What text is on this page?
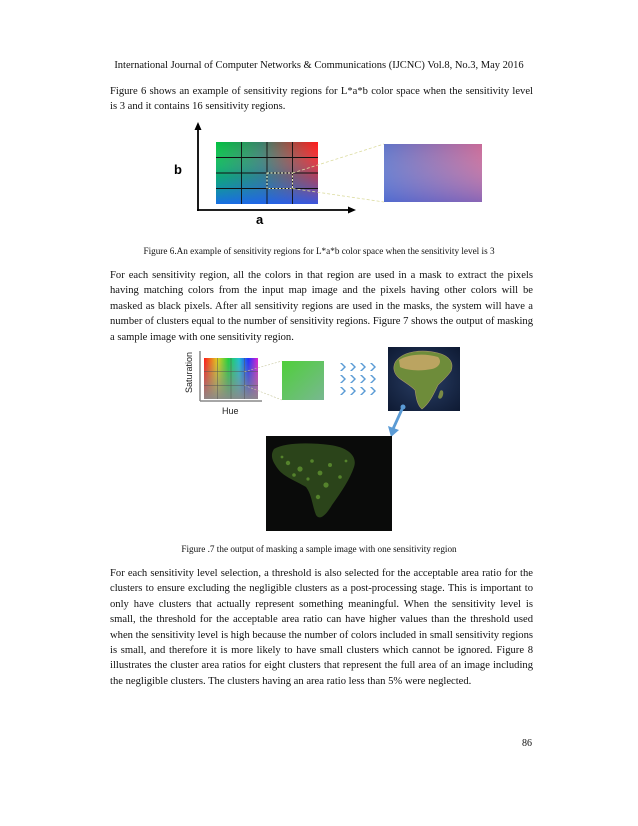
International Journal of Computer Networks & Communications (IJCNC) Vol.8, No.3, May 2016

Figure 6 shows an example of sensitivity regions for L*a*b color space when the sensitivity level is 3 and it contains 16 sensitivity regions.

b
a
Figure 6.An example of sensitivity regions for L*a*b color space when the sensitivity level is 3

For each sensitivity region, all the colors in that region are used in a mask to extract the pixels having matching colors from the input map image and the pixels having other colors will be masked as black pixels. After all sensitivity regions are used in the masks, the system will have a number of clusters equal to the number of sensitivity regions. Figure 7 shows the output of masking a sample image with one sensitivity region.

Saturation
Hue
Figure .7 the output of masking a sample image with one sensitivity region

For each sensitivity level selection, a threshold is also selected for the acceptable area ratio for the clusters to ensure excluding the negligible clusters as a post-processing stage. This is important to only have clusters that actually represent something meaningful. When the sensitivity level is small, the threshold for the acceptable area ratio can have higher values than the threshold used when the sensitivity level is high because the number of colors included in small sensitivity regions is small, and therefore it is more likely to have small clusters which cannot be ignored. Figure 8 illustrates the cluster area ratios for eight clusters that represent the full area of an image including the negligible clusters. The clusters having an area ratio less than 5% were neglected.

86
